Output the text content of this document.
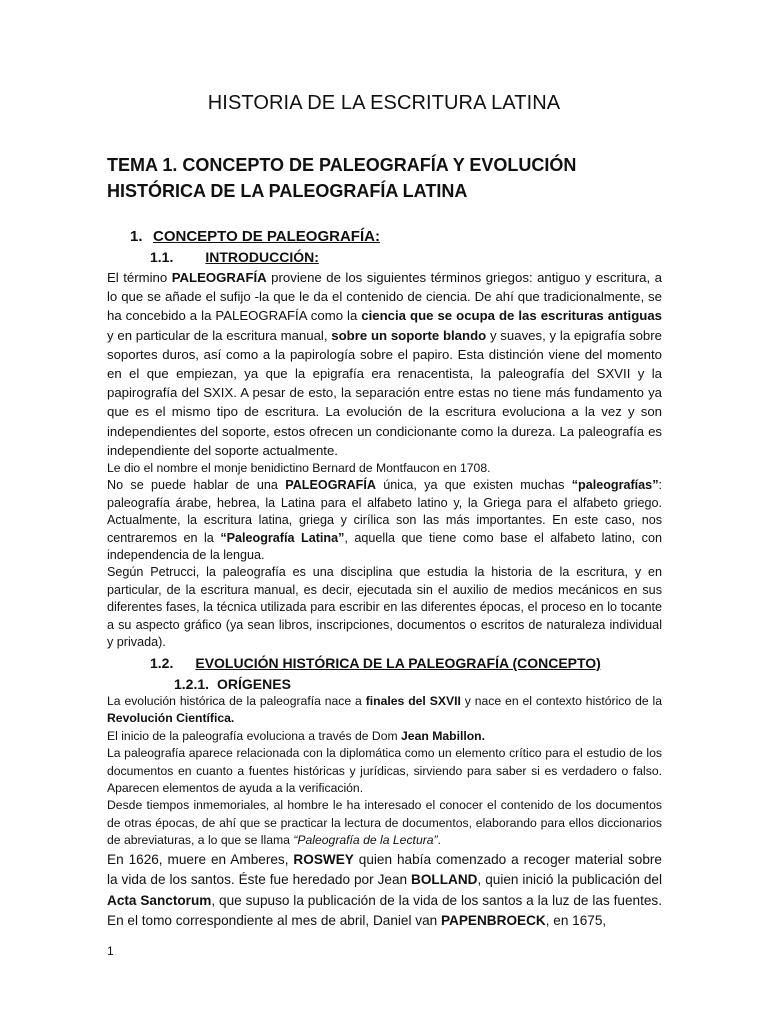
HISTORIA DE LA ESCRITURA LATINA
TEMA 1. CONCEPTO DE PALEOGRAFÍA Y EVOLUCIÓN HISTÓRICA DE LA PALEOGRAFÍA LATINA
1. CONCEPTO DE PALEOGRAFÍA:
1.1. INTRODUCCIÓN:

El término PALEOGRAFÍA proviene de los siguientes términos griegos: antiguo y escritura, a lo que se añade el sufijo -la que le da el contenido de ciencia. De ahí que tradicionalmente, se ha concebido a la PALEOGRAFÍA como la ciencia que se ocupa de las escrituras antiguas y en particular de la escritura manual, sobre un soporte blando y suaves, y la epigrafía sobre soportes duros, así como a la papirología sobre el papiro. Esta distinción viene del momento en el que empiezan, ya que la epigrafía era renacentista, la paleografía del SXVII y la papirografía del SXIX. A pesar de esto, la separación entre estas no tiene más fundamento ya que es el mismo tipo de escritura. La evolución de la escritura evoluciona a la vez y son independientes del soporte, estos ofrecen un condicionante como la dureza. La paleografía es independiente del soporte actualmente.

Le dio el nombre el monje benidictino Bernard de Montfaucon en 1708.

No se puede hablar de una PALEOGRAFÍA única, ya que existen muchas “paleografías”: paleografía árabe, hebrea, la Latina para el alfabeto latino y, la Griega para el alfabeto griego. Actualmente, la escritura latina, griega y cirílica son las más importantes. En este caso, nos centraremos en la “Paleografía Latina”, aquella que tiene como base el alfabeto latino, con independencia de la lengua.

Según Petrucci, la paleografía es una disciplina que estudia la historia de la escritura, y en particular, de la escritura manual, es decir, ejecutada sin el auxilio de medios mecánicos en sus diferentes fases, la técnica utilizada para escribir en las diferentes épocas, el proceso en lo tocante a su aspecto gráfico (ya sean libros, inscripciones, documentos o escritos de naturaleza individual y privada).

1.2. EVOLUCIÓN HISTÓRICA DE LA PALEOGRAFÍA (CONCEPTO)
1.2.1. ORÍGENES

La evolución histórica de la paleografía nace a finales del SXVII y nace en el contexto histórico de la Revolución Científica.

El inicio de la paleografía evoluciona a través de Dom Jean Mabillon.

La paleografía aparece relacionada con la diplomática como un elemento crítico para el estudio de los documentos en cuanto a fuentes históricas y jurídicas, sirviendo para saber si es verdadero o falso. Aparecen elementos de ayuda a la verificación.

Desde tiempos inmemoriales, al hombre le ha interesado el conocer el contenido de los documentos de otras épocas, de ahí que se practicar la lectura de documentos, elaborando para ellos diccionarios de abreviaturas, a lo que se llama “Paleografía de la Lectura”.

En 1626, muere en Amberes, ROSWEY quien había comenzado a recoger material sobre la vida de los santos. Éste fue heredado por Jean BOLLAND, quien inició la publicación del Acta Sanctorum, que supuso la publicación de la vida de los santos a la luz de las fuentes. En el tomo correspondiente al mes de abril, Daniel van PAPENBROECK, en 1675,

1
